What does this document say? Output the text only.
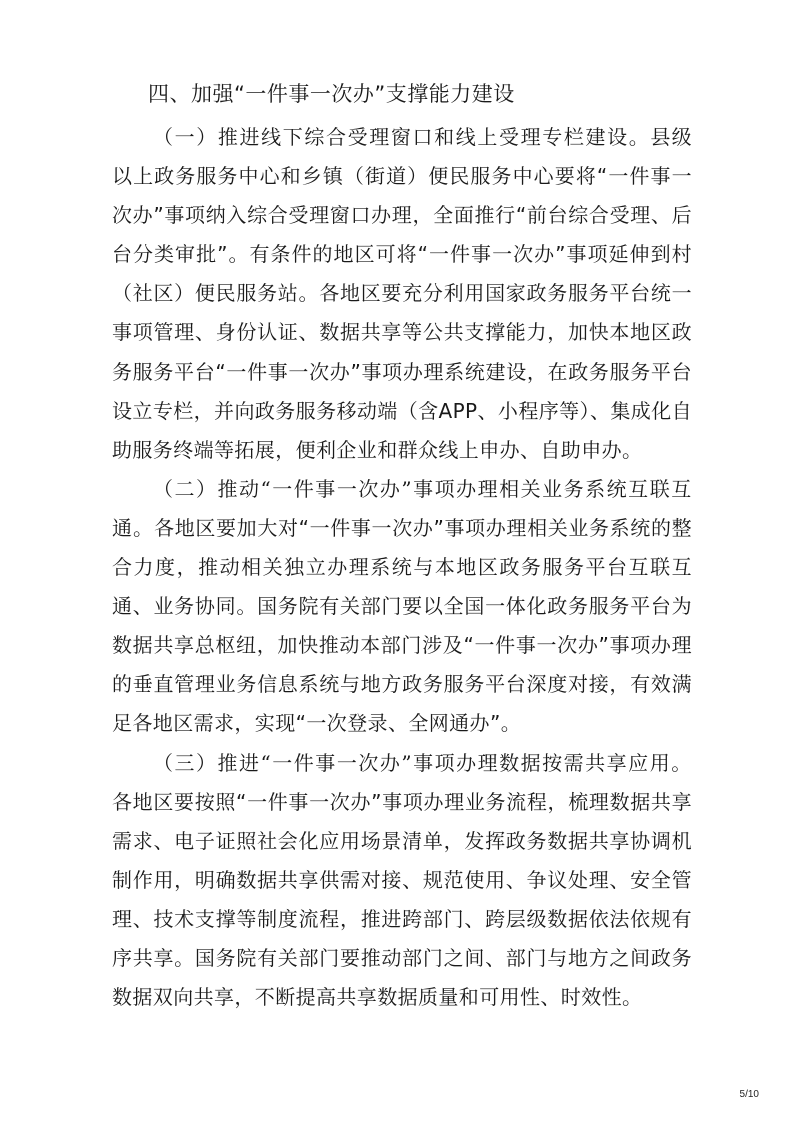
四、加强“一件事一次办”支撑能力建设

（一）推进线下综合受理窗口和线上受理专栏建设。县级以上政务服务中心和乡镇（街道）便民服务中心要将“一件事一次办”事项纳入综合受理窗口办理，全面推行“前台综合受理、后台分类审批”。有条件的地区可将“一件事一次办”事项延伸到村（社区）便民服务站。各地区要充分利用国家政务服务平台统一事项管理、身份认证、数据共享等公共支撑能力，加快本地区政务服务平台“一件事一次办”事项办理系统建设，在政务服务平台设立专栏，并向政务服务移动端（含APP、小程序等）、集成化自助服务终端等拓展，便利企业和群众线上申办、自助申办。

（二）推动“一件事一次办”事项办理相关业务系统互联互通。各地区要加大对“一件事一次办”事项办理相关业务系统的整合力度，推动相关独立办理系统与本地区政务服务平台互联互通、业务协同。国务院有关部门要以全国一体化政务服务平台为数据共享总枢纽，加快推动本部门涉及“一件事一次办”事项办理的垂直管理业务信息系统与地方政务服务平台深度对接，有效满足各地区需求，实现“一次登录、全网通办”。

（三）推进“一件事一次办”事项办理数据按需共享应用。各地区要按照“一件事一次办”事项办理业务流程，梳理数据共享需求、电子证照社会化应用场景清单，发挥政务数据共享协调机制作用，明确数据共享供需对接、规范使用、争议处理、安全管理、技术支撑等制度流程，推进跨部门、跨层级数据依法依规有序共享。国务院有关部门要推动部门之间、部门与地方之间政务数据双向共享，不断提高共享数据质量和可用性、时效性。

5/10
